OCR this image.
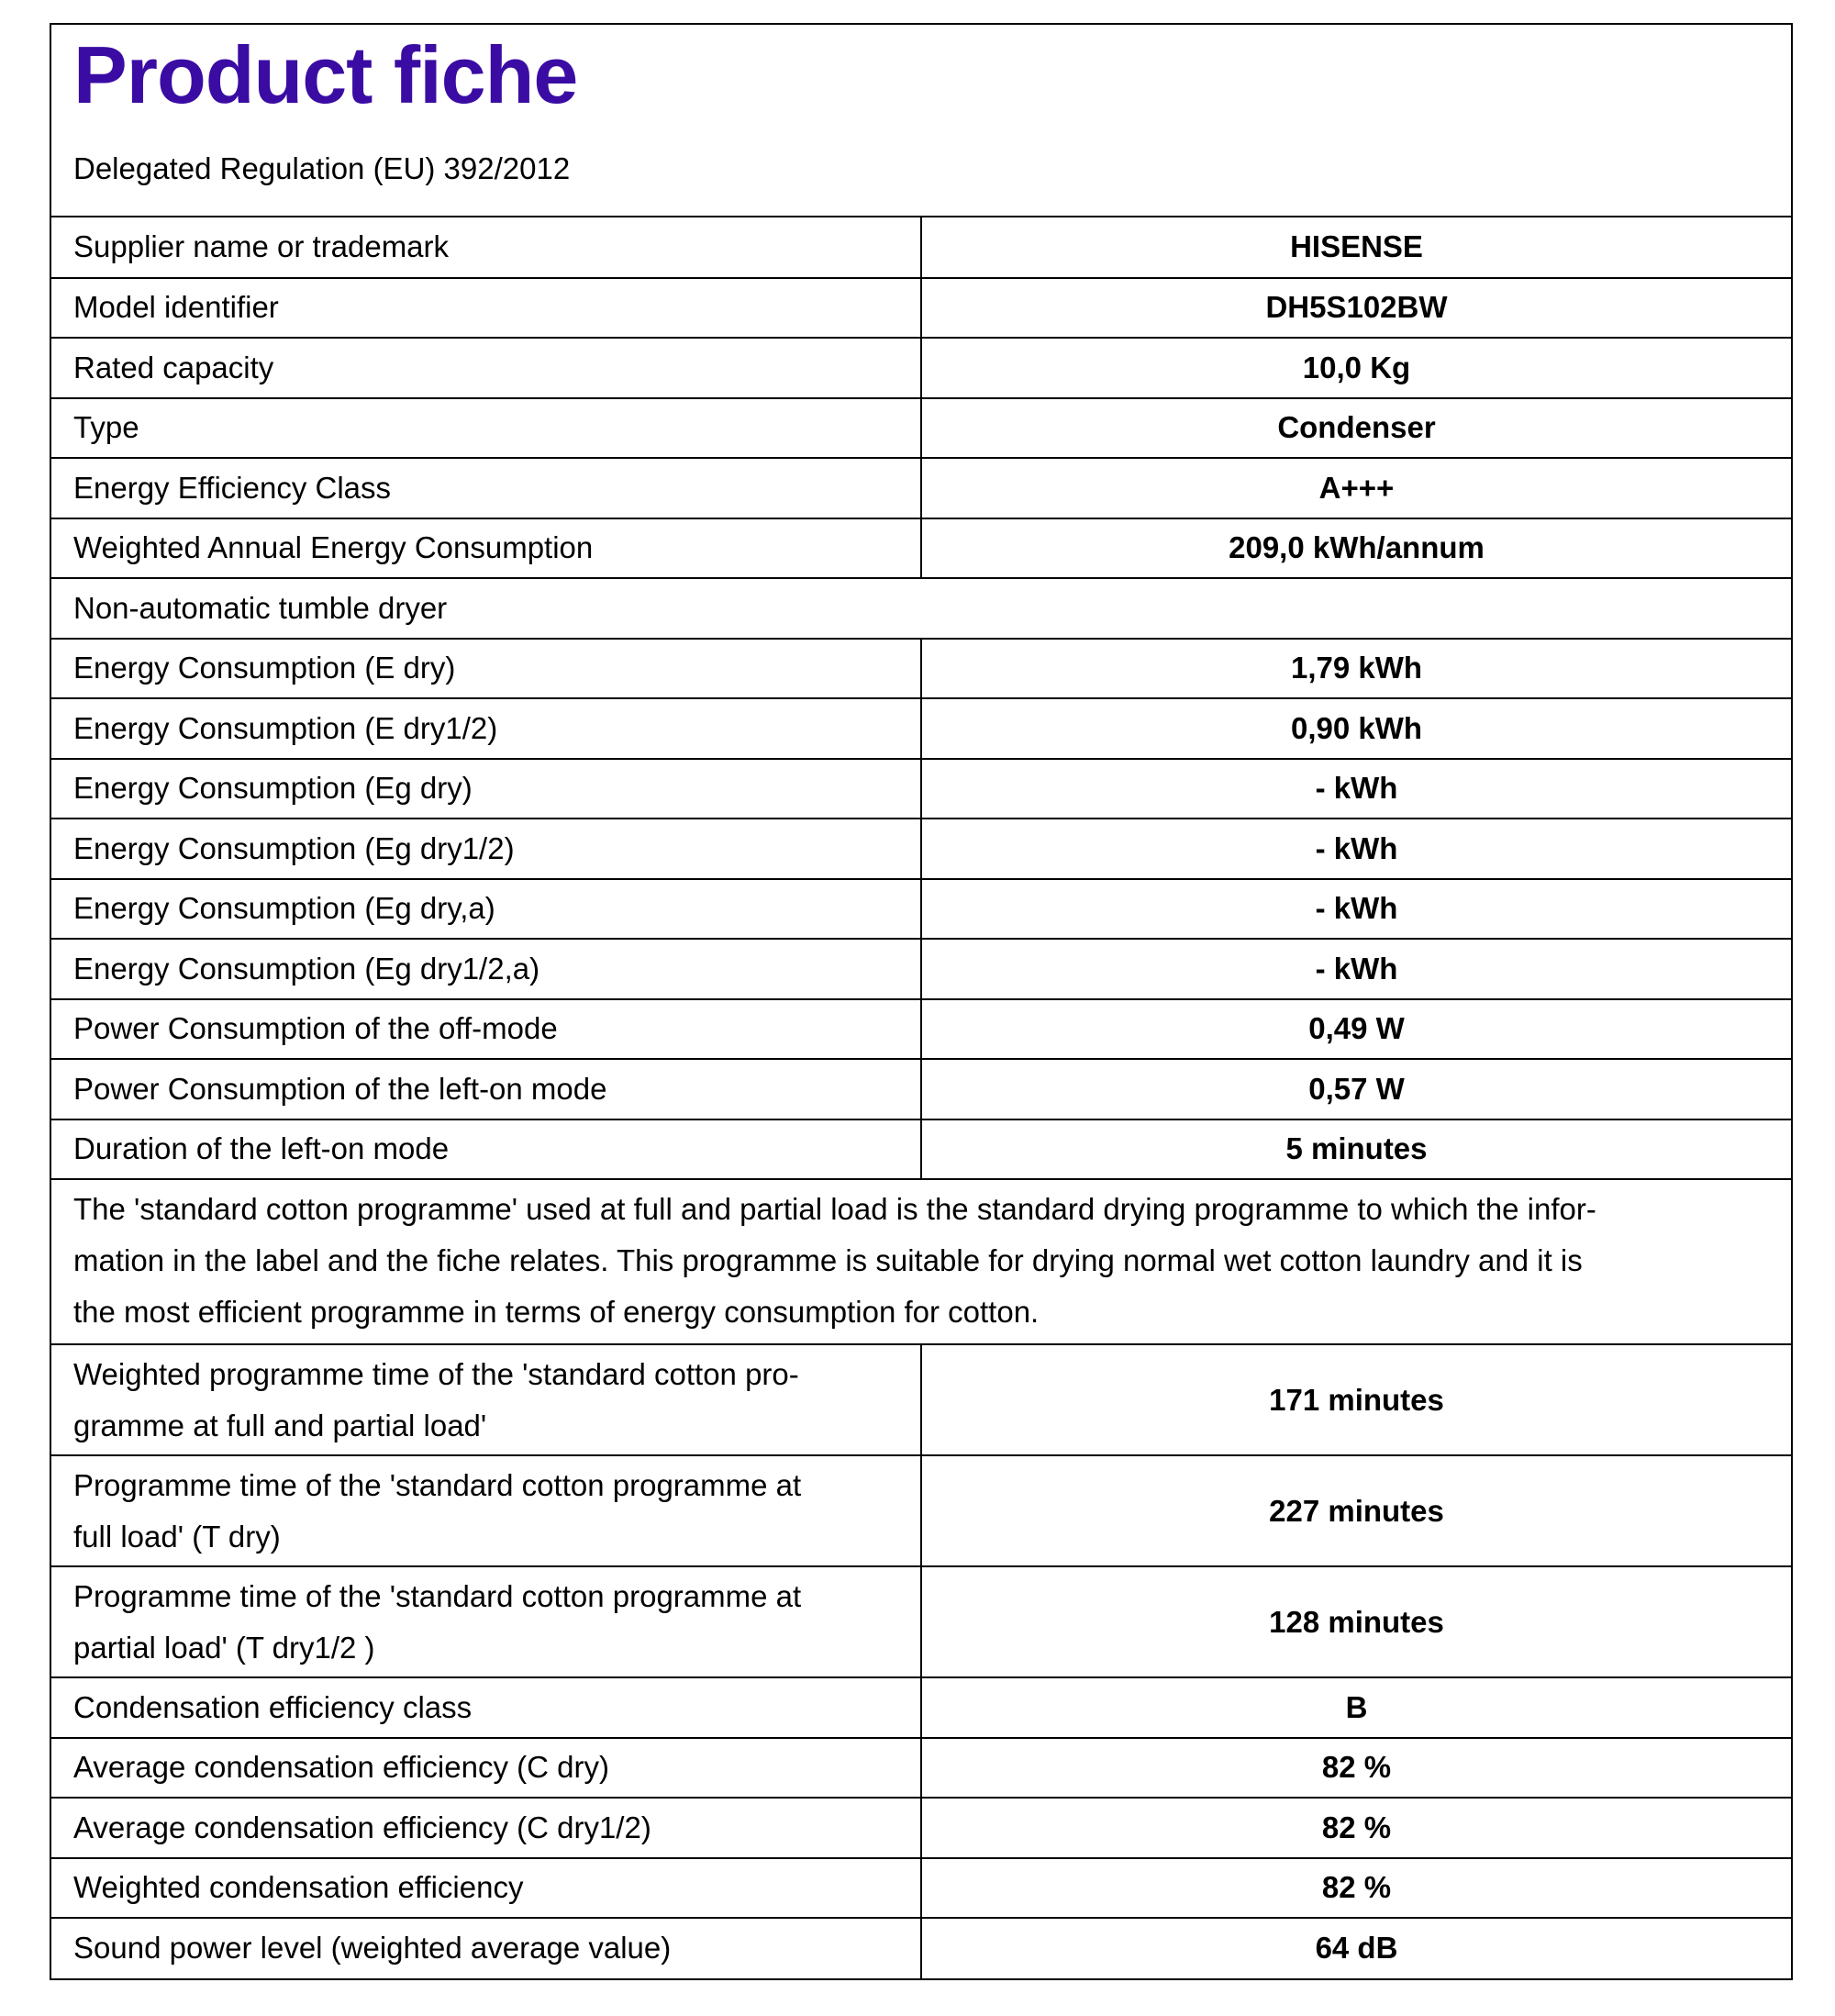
Product fiche
Delegated Regulation (EU) 392/2012
Supplier name or trademark	HISENSE
Model identifier	DH5S102BW
Rated capacity	10,0 Kg
Type	Condenser
Energy Efficiency Class	A+++
Weighted Annual Energy Consumption	209,0 kWh/annum
Non-automatic tumble dryer	
Energy Consumption (E dry)	1,79 kWh
Energy Consumption (E dry1/2)	0,90 kWh
Energy Consumption (Eg dry)	- kWh
Energy Consumption (Eg dry1/2)	- kWh
Energy Consumption (Eg dry,a)	- kWh
Energy Consumption (Eg dry1/2,a)	- kWh
Power Consumption of the off-mode	0,49 W
Power Consumption of the left-on mode	0,57 W
Duration of the left-on mode	5 minutes

The 'standard cotton programme' used at full and partial load is the standard drying programme to which the infor-
mation in the label and the fiche relates. This programme is suitable for drying normal wet cotton laundry and it is
the most efficient programme in terms of energy consumption for cotton.	

Weighted programme time of the 'standard cotton pro-
gramme at full and partial load'	171 minutes

Programme time of the 'standard cotton programme at
full load' (T dry)	227 minutes

Programme time of the 'standard cotton programme at
partial load' (T dry1/2 )	128 minutes
Condensation efficiency class	B
Average condensation efficiency (C dry)	82 %
Average condensation efficiency (C dry1/2)	82 %
Weighted condensation efficiency	82 %
Sound power level (weighted average value)	64 dB
